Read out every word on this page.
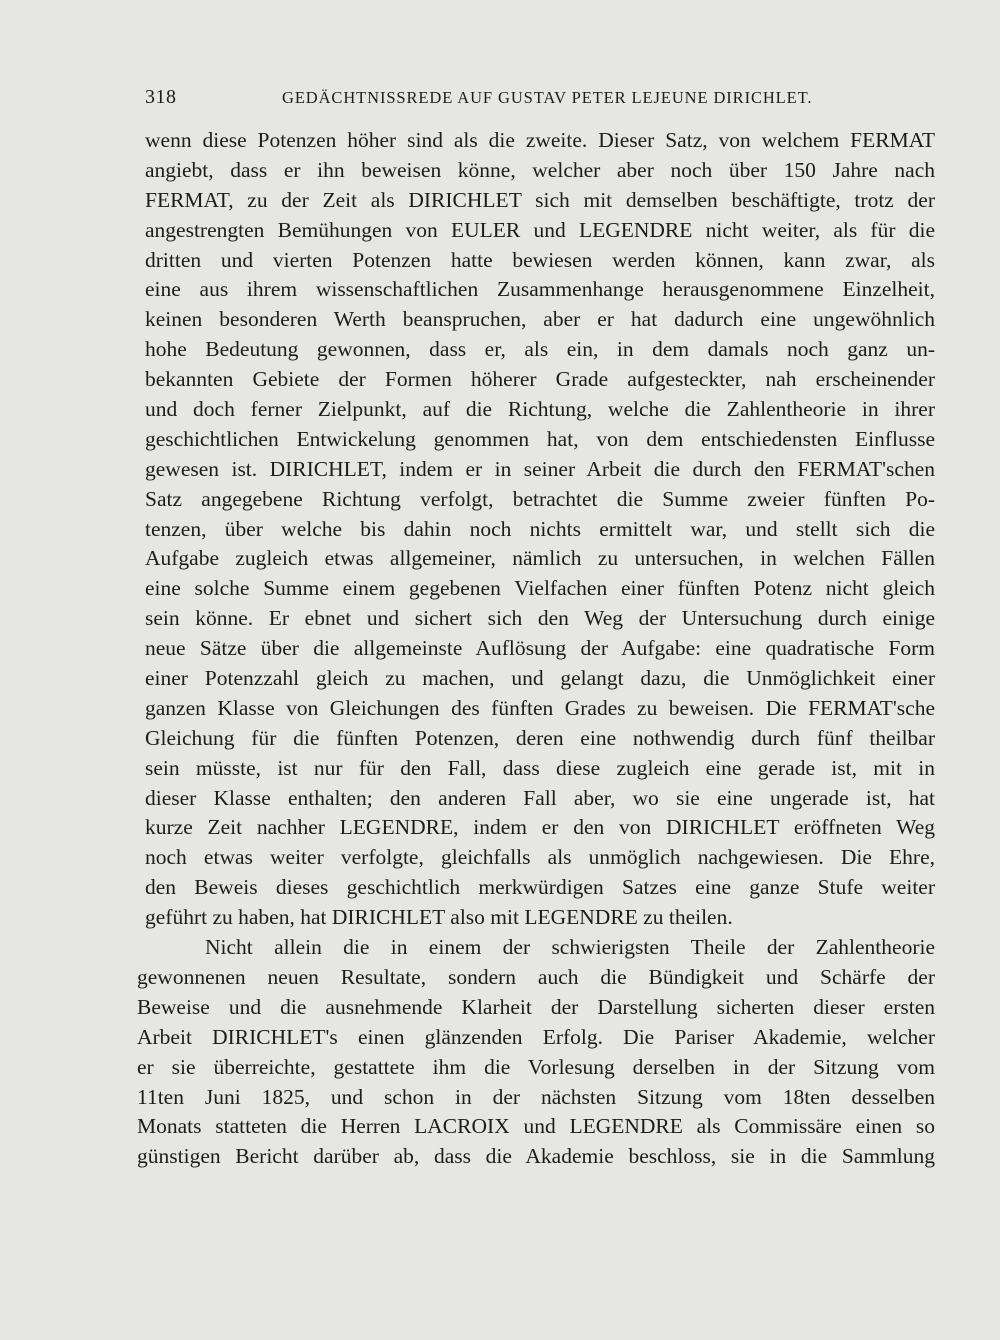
318	GEDÄCHTNISSREDE AUF GUSTAV PETER LEJEUNE DIRICHLET.
wenn diese Potenzen höher sind als die zweite. Dieser Satz, von welchem FERMAT
angiebt, dass er ihn beweisen könne, welcher aber noch über 150 Jahre nach
FERMAT, zu der Zeit als DIRICHLET sich mit demselben beschäftigte, trotz der
angestrengten Bemühungen von EULER und LEGENDRE nicht weiter, als für die
dritten und vierten Potenzen hatte bewiesen werden können, kann zwar, als
eine aus ihrem wissenschaftlichen Zusammenhange herausgenommene Einzelheit,
keinen besonderen Werth beanspruchen, aber er hat dadurch eine ungewöhnlich
hohe Bedeutung gewonnen, dass er, als ein, in dem damals noch ganz un-
bekannten Gebiete der Formen höherer Grade aufgesteckter, nah erscheinender
und doch ferner Zielpunkt, auf die Richtung, welche die Zahlentheorie in ihrer
geschichtlichen Entwickelung genommen hat, von dem entschiedensten Einflusse
gewesen ist. DIRICHLET, indem er in seiner Arbeit die durch den FERMAT'schen
Satz angegebene Richtung verfolgt, betrachtet die Summe zweier fünften Po-
tenzen, über welche bis dahin noch nichts ermittelt war, und stellt sich die
Aufgabe zugleich etwas allgemeiner, nämlich zu untersuchen, in welchen Fällen
eine solche Summe einem gegebenen Vielfachen einer fünften Potenz nicht gleich
sein könne. Er ebnet und sichert sich den Weg der Untersuchung durch einige
neue Sätze über die allgemeinste Auflösung der Aufgabe: eine quadratische Form
einer Potenzzahl gleich zu machen, und gelangt dazu, die Unmöglichkeit einer
ganzen Klasse von Gleichungen des fünften Grades zu beweisen. Die FERMAT'sche
Gleichung für die fünften Potenzen, deren eine nothwendig durch fünf theilbar
sein müsste, ist nur für den Fall, dass diese zugleich eine gerade ist, mit in
dieser Klasse enthalten; den anderen Fall aber, wo sie eine ungerade ist, hat
kurze Zeit nachher LEGENDRE, indem er den von DIRICHLET eröffneten Weg
noch etwas weiter verfolgte, gleichfalls als unmöglich nachgewiesen. Die Ehre,
den Beweis dieses geschichtlich merkwürdigen Satzes eine ganze Stufe weiter
geführt zu haben, hat DIRICHLET also mit LEGENDRE zu theilen.
Nicht allein die in einem der schwierigsten Theile der Zahlentheorie
gewonnenen neuen Resultate, sondern auch die Bündigkeit und Schärfe der
Beweise und die ausnehmende Klarheit der Darstellung sicherten dieser ersten
Arbeit DIRICHLET's einen glänzenden Erfolg. Die Pariser Akademie, welcher
er sie überreichte, gestattete ihm die Vorlesung derselben in der Sitzung vom
11ten Juni 1825, und schon in der nächsten Sitzung vom 18ten desselben
Monats statteten die Herren LACROIX und LEGENDRE als Commissäre einen so
günstigen Bericht darüber ab, dass die Akademie beschloss, sie in die Sammlung
